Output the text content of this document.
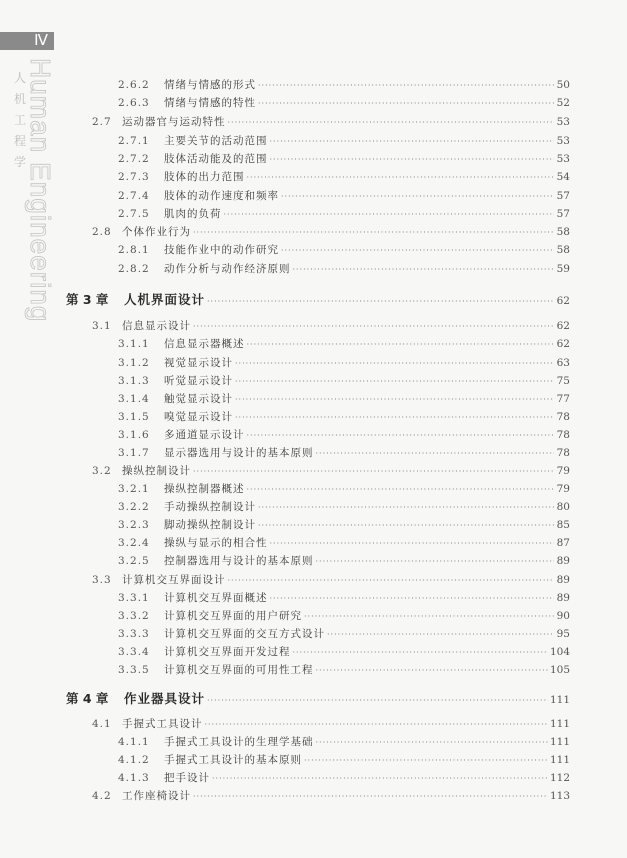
Ⅳ
人
机
工
程
学
Human Engineering	2.6.2	情绪与情感的形式 ·····	50
2.6.3	情绪与情感的特性 ·····	52
2.7 运动器官与运动特性 ·····	53
2.7.1	主要关节的活动范围 ·····	53
2.7.2	肢体活动能及的范围 ·····	53
2.7.3	肢体的出力范围 ·····	54
2.7.4	肢体的动作速度和频率 ·····	57
2.7.5	肌肉的负荷 ·····	57
2.8 个体作业行为 ·····	58
2.8.1	技能作业中的动作研究 ·····	58
2.8.2	动作分析与动作经济原则 ·····	59
第 3 章	人机界面设计 ·····	62
3.1 信息显示设计 ·····	62
3.1.1	信息显示器概述 ·····	62
3.1.2	视觉显示设计 ·····	63
3.1.3	听觉显示设计 ·····	75
3.1.4	触觉显示设计 ·····	77
3.1.5	嗅觉显示设计 ·····	78
3.1.6	多通道显示设计 ·····	78
3.1.7	显示器选用与设计的基本原则 ·····	78
3.2 操纵控制设计 ·····	79
3.2.1	操纵控制器概述 ·····	79
3.2.2	手动操纵控制设计 ·····	80
3.2.3	脚动操纵控制设计 ·····	85
3.2.4	操纵与显示的相合性 ·····	87
3.2.5	控制器选用与设计的基本原则 ·····	89
3.3 计算机交互界面设计 ·····	89
3.3.1	计算机交互界面概述 ·····	89
3.3.2	计算机交互界面的用户研究 ·····	90
3.3.3	计算机交互界面的交互方式设计 ·····	95
3.3.4	计算机交互界面开发过程 ·····	104
3.3.5	计算机交互界面的可用性工程 ·····	105
第 4 章	作业器具设计 ·····	111
4.1 手握式工具设计 ·····	111
4.1.1	手握式工具设计的生理学基础 ·····	111
4.1.2	手握式工具设计的基本原则 ·····	111
4.1.3	把手设计 ·····	112
4.2 工作座椅设计 ·····	113
